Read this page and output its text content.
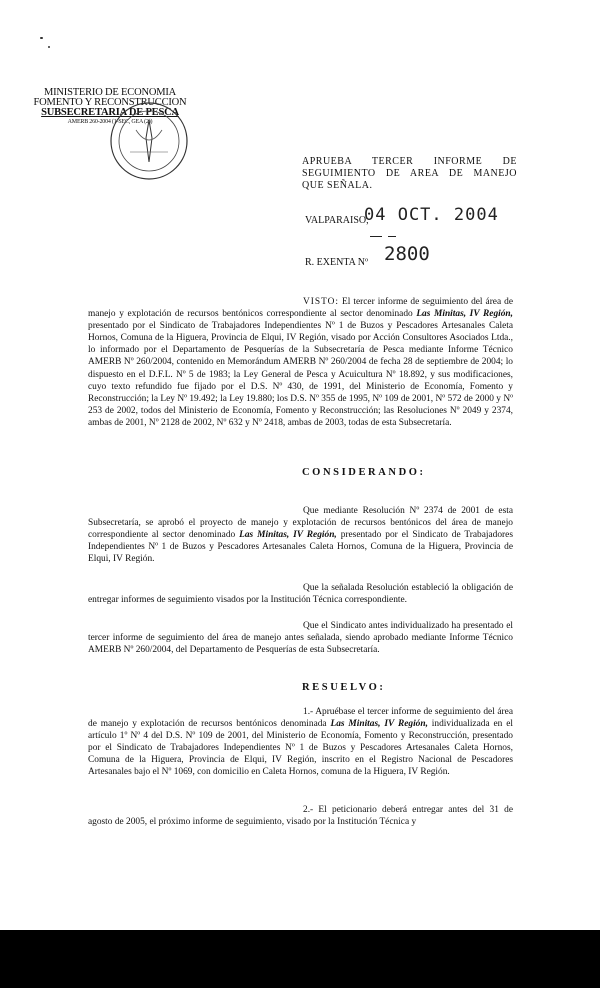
MINISTERIO DE ECONOMIA
FOMENTO Y RECONSTRUCCION
SUBSECRETARIA DE PESCA
AMERB 260-2004 (1-SEC, GEA (2))
APRUEBA TERCER INFORME DE
SEGUIMIENTO DE AREA DE MANEJO
QUE SEÑALA.
VALPARAISO,
04 OCT. 2004
R. EXENTA Nº 2800
VISTO: El tercer informe de seguimiento del área de manejo y explotación de recursos bentónicos correspondiente al sector denominado Las Minitas, IV Región, presentado por el Sindicato de Trabajadores Independientes Nº 1 de Buzos y Pescadores Artesanales Caleta Hornos, Comuna de la Higuera, Provincia de Elqui, IV Región, visado por Acción Consultores Asociados Ltda., lo informado por el Departamento de Pesquerías de la Subsecretaría de Pesca mediante Informe Técnico AMERB Nº 260/2004, contenido en Memorándum AMERB Nº 260/2004 de fecha 28 de septiembre de 2004; lo dispuesto en el D.F.L. Nº 5 de 1983; la Ley General de Pesca y Acuicultura Nº 18.892, y sus modificaciones, cuyo texto refundido fue fijado por el D.S. Nº 430, de 1991, del Ministerio de Economía, Fomento y Reconstrucción; la Ley Nº 19.492; la Ley 19.880; los D.S. Nº 355 de 1995, Nº 109 de 2001, Nº 572 de 2000 y Nº 253 de 2002, todos del Ministerio de Economía, Fomento y Reconstrucción; las Resoluciones Nº 2049 y 2374, ambas de 2001, Nº 2128 de 2002, Nº 632 y Nº 2418, ambas de 2003, todas de esta Subsecretaría.
CONSIDERANDO:
Que mediante Resolución Nº 2374 de 2001 de esta Subsecretaría, se aprobó el proyecto de manejo y explotación de recursos bentónicos del área de manejo correspondiente al sector denominado Las Minitas, IV Región, presentado por el Sindicato de Trabajadores Independientes Nº 1 de Buzos y Pescadores Artesanales Caleta Hornos, Comuna de la Higuera, Provincia de Elqui, IV Región.
Que la señalada Resolución estableció la obligación de entregar informes de seguimiento visados por la Institución Técnica correspondiente.
Que el Sindicato antes individualizado ha presentado el tercer informe de seguimiento del área de manejo antes señalada, siendo aprobado mediante Informe Técnico AMERB Nº 260/2004, del Departamento de Pesquerías de esta Subsecretaría.
RESUELVO:
1.- Apruébase el tercer informe de seguimiento del área de manejo y explotación de recursos bentónicos denominada Las Minitas, IV Región, individualizada en el artículo 1º Nº 4 del D.S. Nº 109 de 2001, del Ministerio de Economía, Fomento y Reconstrucción, presentado por el Sindicato de Trabajadores Independientes Nº 1 de Buzos y Pescadores Artesanales Caleta Hornos, Comuna de la Higuera, Provincia de Elqui, IV Región, inscrito en el Registro Nacional de Pescadores Artesanales bajo el Nº 1069, con domicilio en Caleta Hornos, comuna de la Higuera, IV Región.
2.- El peticionario deberá entregar antes del 31 de agosto de 2005, el próximo informe de seguimiento, visado por la Institución Técnica y
